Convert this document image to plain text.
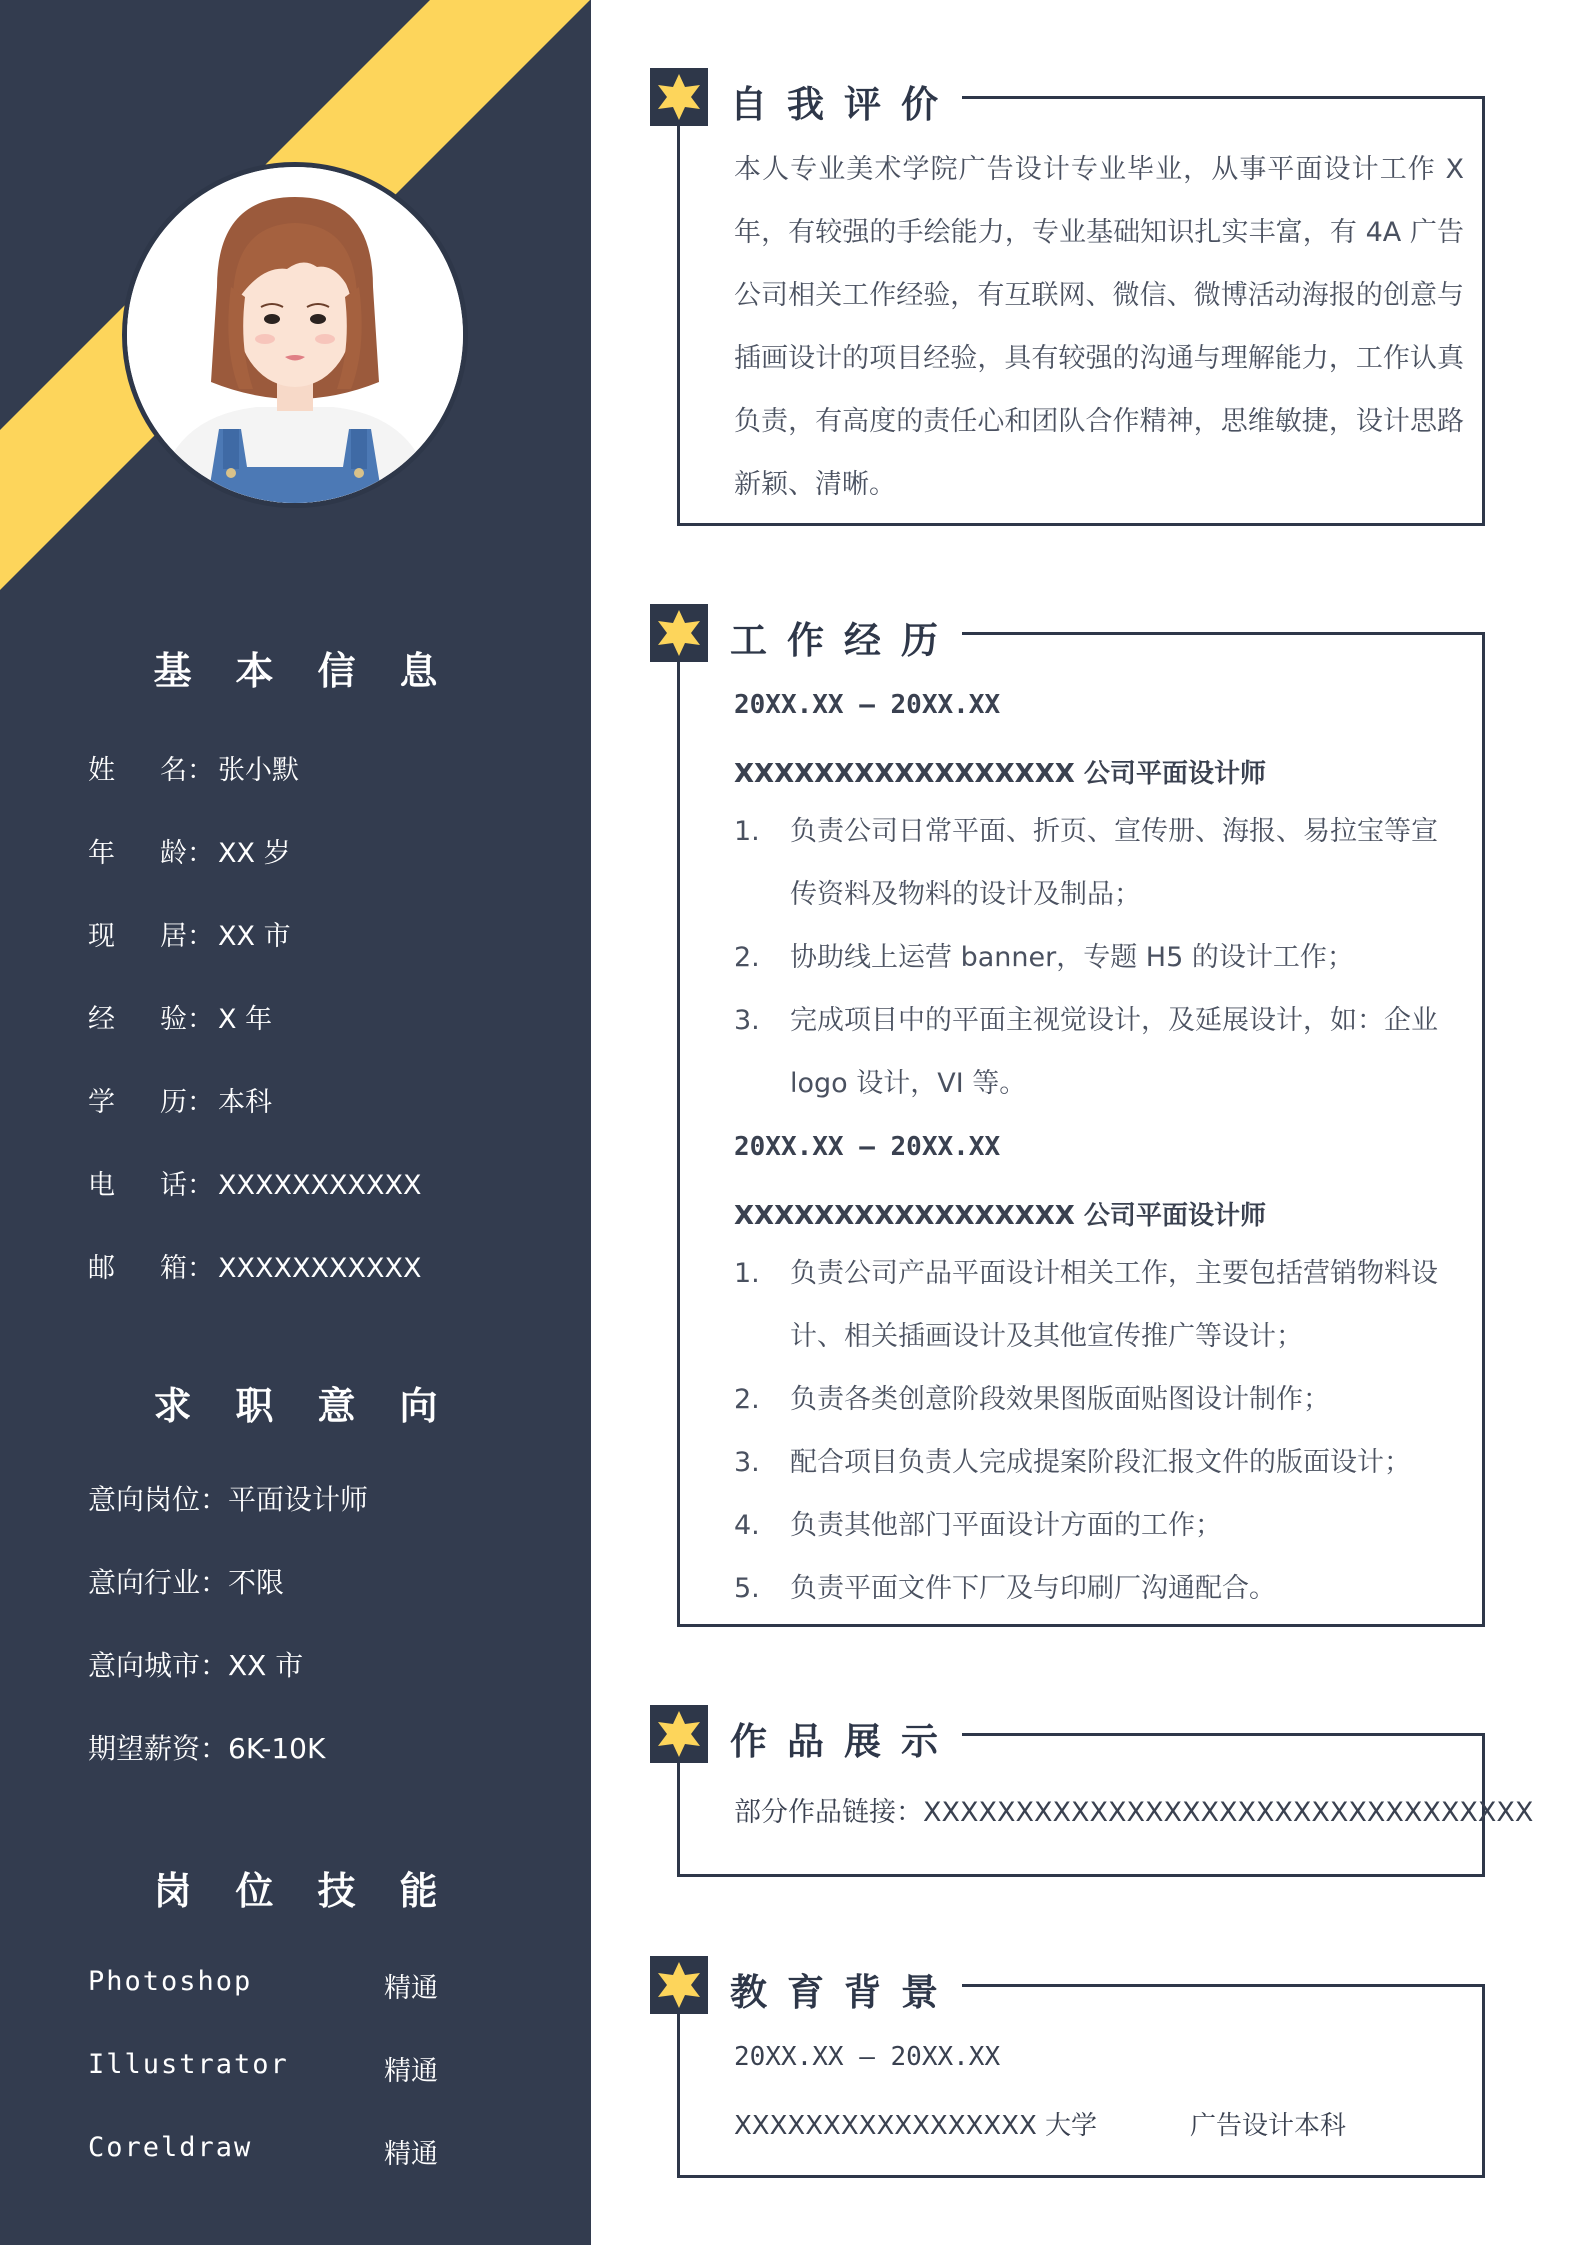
基本信息
姓 名： 张小默
年 龄： XX 岁
现 居： XX 市
经 验： X 年
学 历： 本科
电 话： XXXXXXXXXXX
邮 箱： XXXXXXXXXXX
求职意向
意向岗位：平面设计师
意向行业：不限
意向城市：XX 市
期望薪资：6K-10K
岗位技能
Photoshop	精通
Illustrator	精通
Coreldraw	精通
自我评价
本人专业美术学院广告设计专业毕业，从事平面设计工作 X 年，有较强的手绘能力，专业基础知识扎实丰富，有 4A 广告公司相关工作经验，有互联网、微信、微博活动海报的创意与插画设计的项目经验，具有较强的沟通与理解能力，工作认真负责，有高度的责任心和团队合作精神，思维敏捷，设计思路新颖、清晰。
工作经历
20XX.XX – 20XX.XX
XXXXXXXXXXXXXXXXX 公司 平面设计师
1.	负责公司日常平面、折页、宣传册、海报、易拉宝等宣传资料及物料的设计及制品；
2.	协助线上运营 banner，专题 H5 的设计工作；
3.	完成项目中的平面主视觉设计，及延展设计，如：企业 logo 设计，VI 等。
20XX.XX – 20XX.XX
XXXXXXXXXXXXXXXXX 公司 平面设计师
1.	负责公司产品平面设计相关工作，主要包括营销物料设计、相关插画设计及其他宣传推广等设计；
2.	负责各类创意阶段效果图版面贴图设计制作；
3.	配合项目负责人完成提案阶段汇报文件的版面设计；
4.	负责其他部门平面设计方面的工作；
5.	负责平面文件下厂及与印刷厂沟通配合。
作品展示
部分作品链接：XXXXXXXXXXXXXXXXXXXXXXXXXXXXXXXXX
教育背景
20XX.XX – 20XX.XX
XXXXXXXXXXXXXXXXX 大学	广告设计本科
